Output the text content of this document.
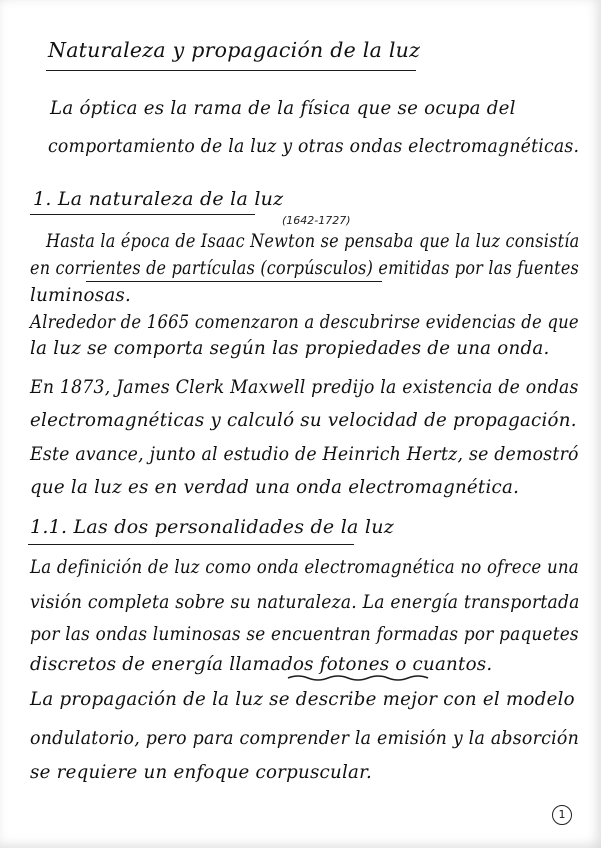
Naturaleza y propagación de la luz
La óptica es la rama de la física que se ocupa del
comportamiento de la luz y otras ondas electromagnéticas.
1. La naturaleza de la luz
(1642-1727)
Hasta la época de Isaac Newton se pensaba que la luz consistía
en corrientes de partículas (corpúsculos) emitidas por las fuentes
luminosas.
Alrededor de 1665 comenzaron a descubrirse evidencias de que
la luz se comporta según las propiedades de una onda.
En 1873, James Clerk Maxwell predijo la existencia de ondas
electromagnéticas y calculó su velocidad de propagación.
Este avance, junto al estudio de Heinrich Hertz, se demostró
que la luz es en verdad una onda electromagnética.
1.1. Las dos personalidades de la luz
La definición de luz como onda electromagnética no ofrece una
visión completa sobre su naturaleza. La energía transportada
por las ondas luminosas se encuentran formadas por paquetes
discretos de energía llamados fotones o cuantos.
La propagación de la luz se describe mejor con el modelo
ondulatorio, pero para comprender la emisión y la absorción
se requiere un enfoque corpuscular.
1
